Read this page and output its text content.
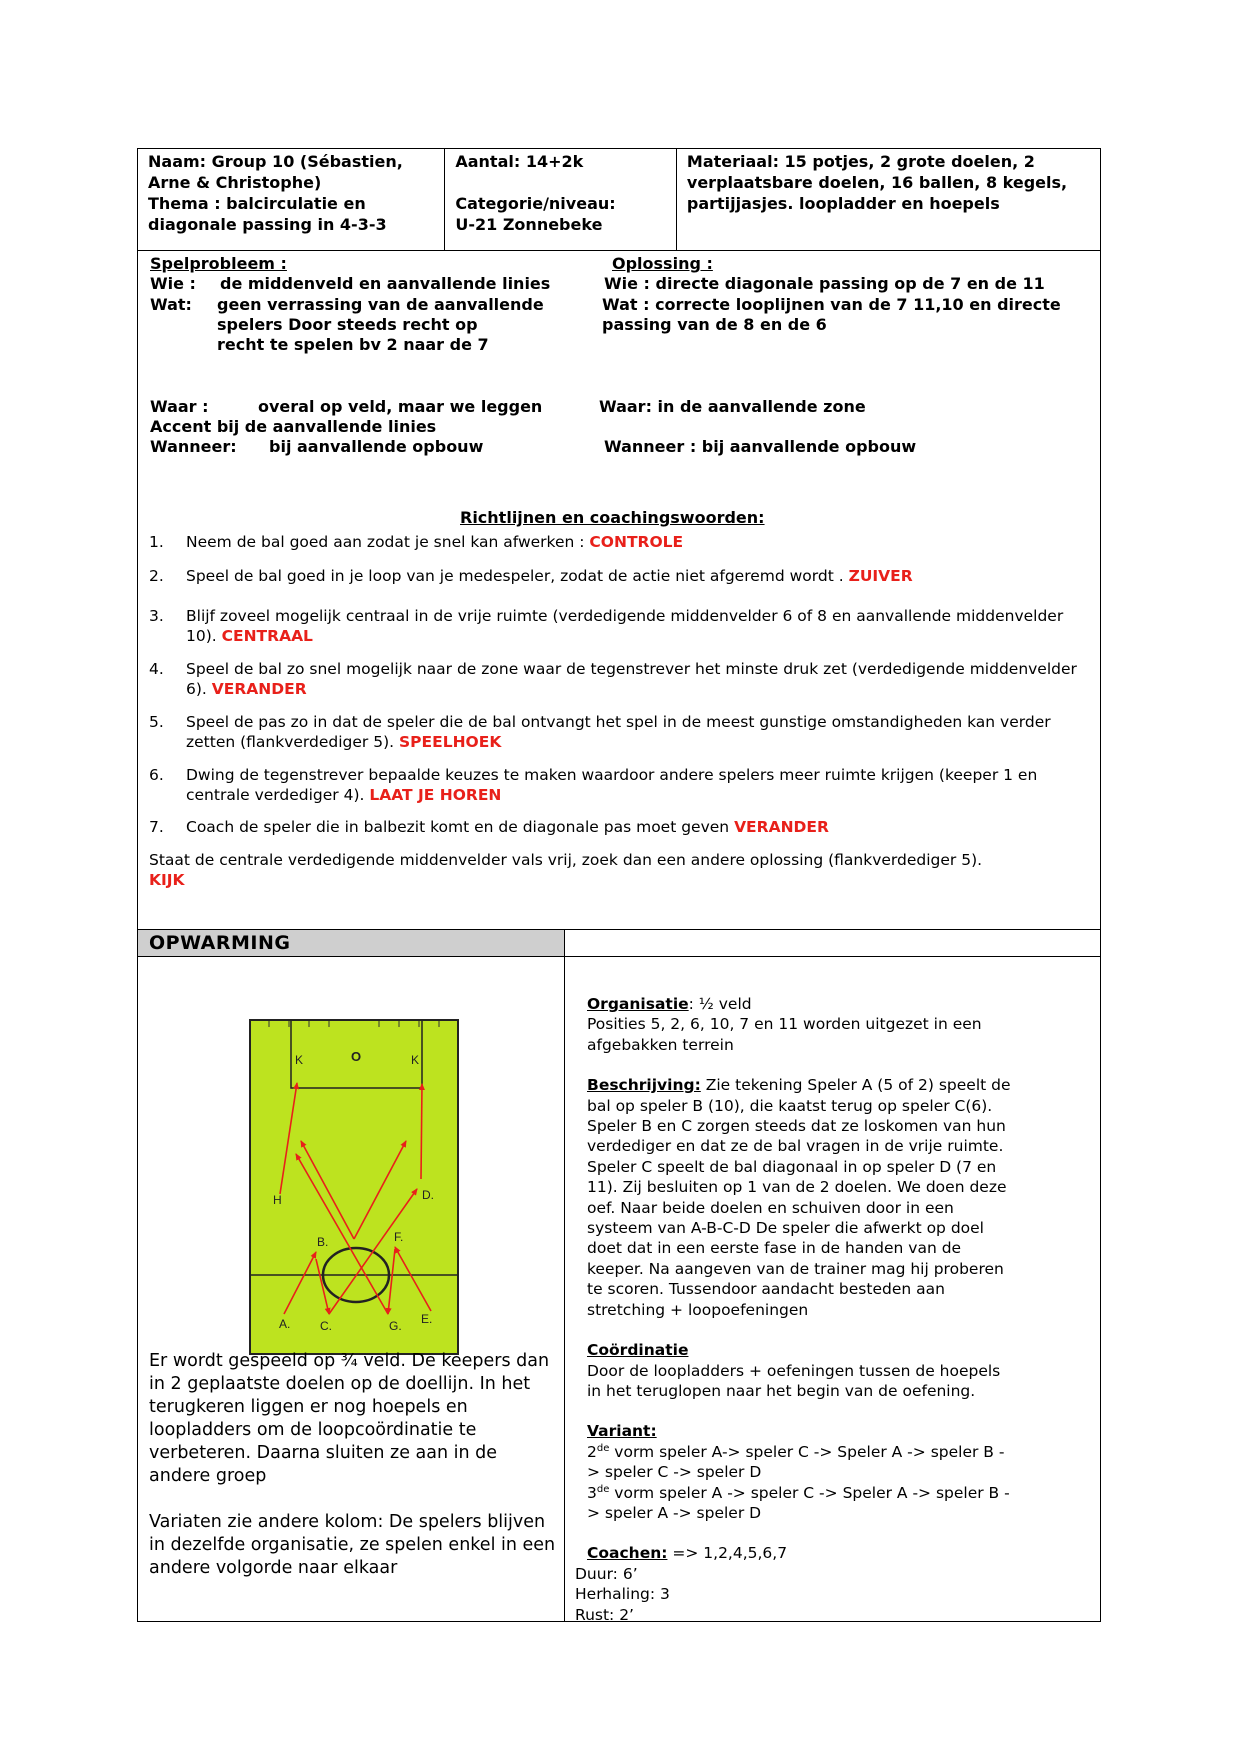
Naam: Group 10 (Sébastien,
Arne & Christophe)
Thema : balcirculatie en
diagonale passing in 4-3-3
Aantal: 14+2k
Categorie/niveau:
U-21 Zonnebeke
Materiaal: 15 potjes, 2 grote doelen, 2
verplaatsbare doelen, 16 ballen, 8 kegels,
partijjasjes. loopladder en hoepels
Spelprobleem :
Wie : de middenveld en aanvallende linies
Wat: geen verrassing van de aanvallende
spelers Door steeds recht op
recht te spelen bv 2 naar de 7
Waar :	overal op veld, maar we leggen
Accent bij de aanvallende linies
Wanneer: bij aanvallende opbouw
Oplossing :
Wie : directe diagonale passing op de 7 en de 11
Wat : correcte looplijnen van de 7 11,10 en directe
passing van de 8 en de 6
Waar: in de aanvallende zone
Wanneer : bij aanvallende opbouw
Richtlijnen en coachingswoorden:
1. Neem de bal goed aan zodat je snel kan afwerken : CONTROLE
2. Speel de bal goed in je loop van je medespeler, zodat de actie niet afgeremd wordt . ZUIVER
3. Blijf zoveel mogelijk centraal in de vrije ruimte (verdedigende middenvelder 6 of 8 en aanvallende middenvelder 10). CENTRAAL
4. Speel de bal zo snel mogelijk naar de zone waar de tegenstrever het minste druk zet (verdedigende middenvelder 6). VERANDER
5. Speel de pas zo in dat de speler die de bal ontvangt het spel in de meest gunstige omstandigheden kan verder zetten (flankverdediger 5). SPEELHOEK
6. Dwing de tegenstrever bepaalde keuzes te maken waardoor andere spelers meer ruimte krijgen (keeper 1 en centrale verdediger 4). LAAT JE HOREN
7. Coach de speler die in balbezit komt en de diagonale pas moet geven VERANDER
Staat de centrale verdedigende middenvelder vals vrij, zoek dan een andere oplossing (flankverdediger 5).
KIJK
OPWARMING
K	K
O
H	D.
B.	F.
A. C.	G. E.
Er wordt gespeeld op ¾ veld. De keepers dan in 2 geplaatste doelen op de doellijn. In het terugkeren liggen er nog hoepels en loopladders om de loopcoördinatie te verbeteren. Daarna sluiten ze aan in de andere groep
Variaten zie andere kolom: De spelers blijven in dezelfde organisatie, ze spelen enkel in een andere volgorde naar elkaar

Organisatie: ½ veld

Posities 5, 2, 6, 10, 7 en 11 worden uitgezet in een afgebakken terrein

Beschrijving: Zie tekening Speler A (5 of 2) speelt de bal op speler B (10), die kaatst terug op speler C(6). Speler B en C zorgen steeds dat ze loskomen van hun verdediger en dat ze de bal vragen in de vrije ruimte. Speler C speelt de bal diagonaal in op speler D (7 en 11). Zij besluiten op 1 van de 2 doelen. We doen deze oef. Naar beide doelen en schuiven door in een systeem van A-B-C-D De speler die afwerkt op doel doet dat in een eerste fase in de handen van de keeper. Na aangeven van de trainer mag hij proberen te scoren. Tussendoor aandacht besteden aan stretching + loopoefeningen

Coördinatie

Door de loopladders + oefeningen tussen de hoepels in het teruglopen naar het begin van de oefening.

Variant:

2de vorm speler A-> speler C -> Speler A -> speler B -> speler C -> speler D

3de vorm speler A -> speler C -> Speler A -> speler B -> speler A -> speler D

Coachen: => 1,2,4,5,6,7

Duur: 6’

Herhaling: 3

Rust: 2’
